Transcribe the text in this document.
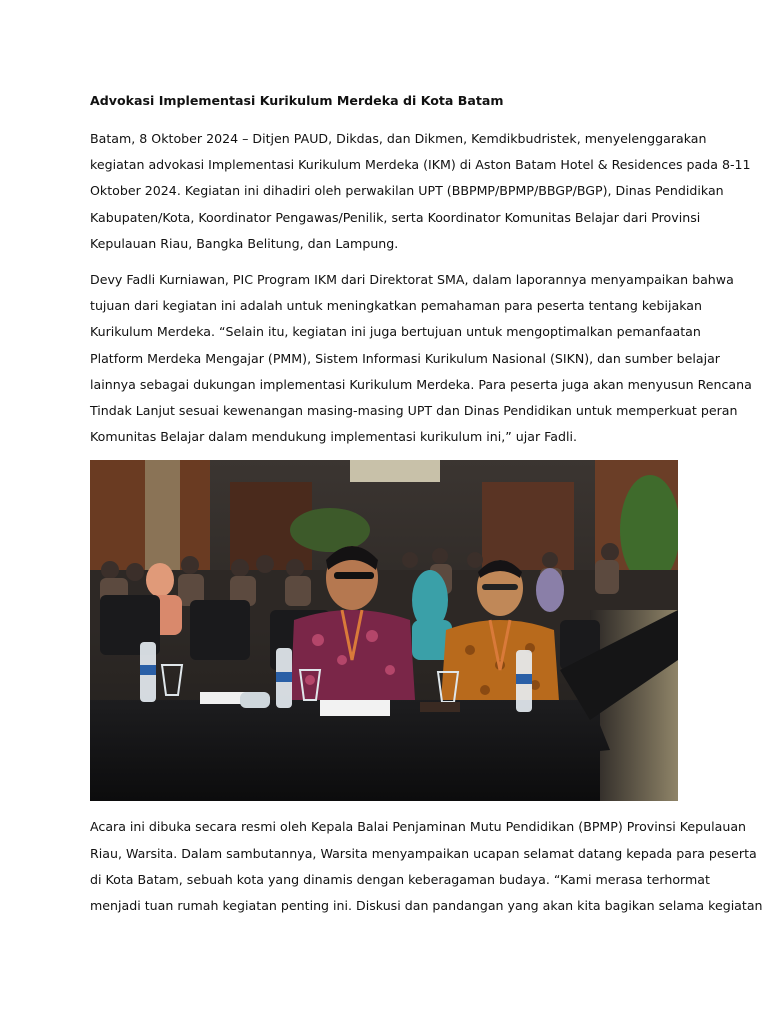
Advokasi Implementasi Kurikulum Merdeka di Kota Batam
Batam, 8 Oktober 2024 – Ditjen PAUD, Dikdas, dan Dikmen, Kemdikbudristek, menyelenggarakan
kegiatan advokasi Implementasi Kurikulum Merdeka (IKM) di Aston Batam Hotel & Residences pada 8-11
Oktober 2024. Kegiatan ini dihadiri oleh perwakilan UPT (BBPMP/BPMP/BBGP/BGP), Dinas Pendidikan
Kabupaten/Kota, Koordinator Pengawas/Penilik, serta Koordinator Komunitas Belajar dari Provinsi
Kepulauan Riau, Bangka Belitung, dan Lampung.
Devy Fadli Kurniawan, PIC Program IKM dari Direktorat SMA, dalam laporannya menyampaikan bahwa
tujuan dari kegiatan ini adalah untuk meningkatkan pemahaman para peserta tentang kebijakan
Kurikulum Merdeka. “Selain itu, kegiatan ini juga bertujuan untuk mengoptimalkan pemanfaatan
Platform Merdeka Mengajar (PMM), Sistem Informasi Kurikulum Nasional (SIKN), dan sumber belajar
lainnya sebagai dukungan implementasi Kurikulum Merdeka. Para peserta juga akan menyusun Rencana
Tindak Lanjut sesuai kewenangan masing-masing UPT dan Dinas Pendidikan untuk memperkuat peran
Komunitas Belajar dalam mendukung implementasi kurikulum ini,” ujar Fadli.
Acara ini dibuka secara resmi oleh Kepala Balai Penjaminan Mutu Pendidikan (BPMP) Provinsi Kepulauan
Riau, Warsita. Dalam sambutannya, Warsita menyampaikan ucapan selamat datang kepada para peserta
di Kota Batam, sebuah kota yang dinamis dengan keberagaman budaya. “Kami merasa terhormat
menjadi tuan rumah kegiatan penting ini. Diskusi dan pandangan yang akan kita bagikan selama kegiatan
